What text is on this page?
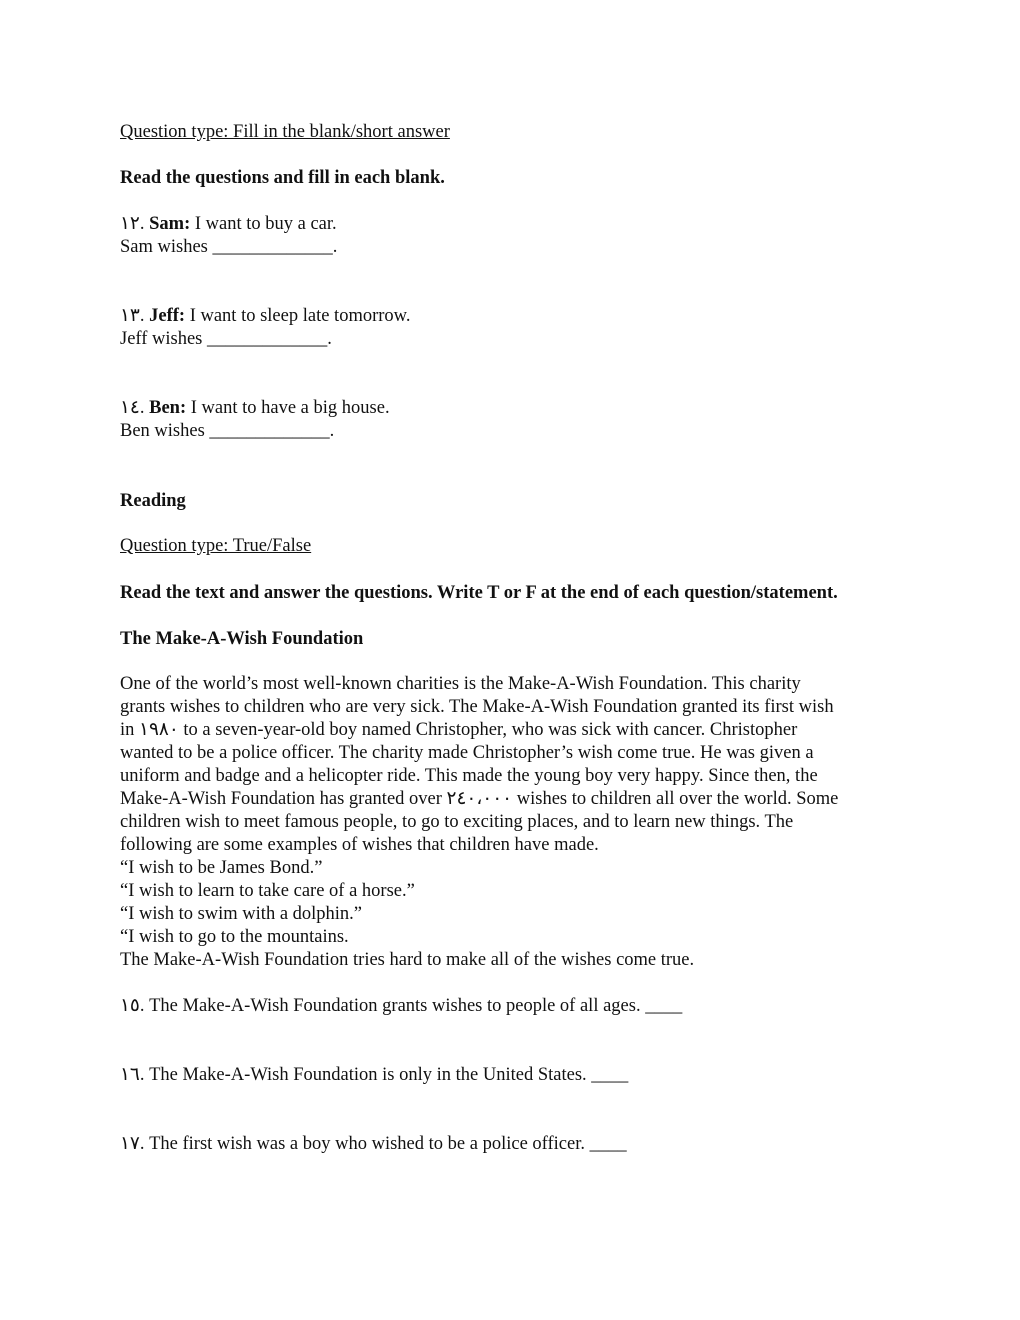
Question type: Fill in the blank/short answer
Read the questions and fill in each blank.
١٢. Sam: I want to buy a car.
Sam wishes _____________.
١٣. Jeff: I want to sleep late tomorrow.
Jeff wishes _____________.
١٤. Ben: I want to have a big house.
Ben wishes _____________.
Reading
Question type: True/False
Read the text and answer the questions. Write T or F at the end of each question/statement.
The Make-A-Wish Foundation
One of the world’s most well-known charities is the Make-A-Wish Foundation. This charity
grants wishes to children who are very sick. The Make-A-Wish Foundation granted its first wish
in ١٩٨٠ to a seven-year-old boy named Christopher, who was sick with cancer. Christopher
wanted to be a police officer. The charity made Christopher’s wish come true. He was given a
uniform and badge and a helicopter ride. This made the young boy very happy. Since then, the
Make-A-Wish Foundation has granted over ٢٤٠،٠٠٠ wishes to children all over the world. Some
children wish to meet famous people, to go to exciting places, and to learn new things. The
following are some examples of wishes that children have made.
“I wish to be James Bond.”
“I wish to learn to take care of a horse.”
“I wish to swim with a dolphin.”
“I wish to go to the mountains.
The Make-A-Wish Foundation tries hard to make all of the wishes come true.
١٥. The Make-A-Wish Foundation grants wishes to people of all ages. ____
١٦. The Make-A-Wish Foundation is only in the United States. ____
١٧. The first wish was a boy who wished to be a police officer. ____
